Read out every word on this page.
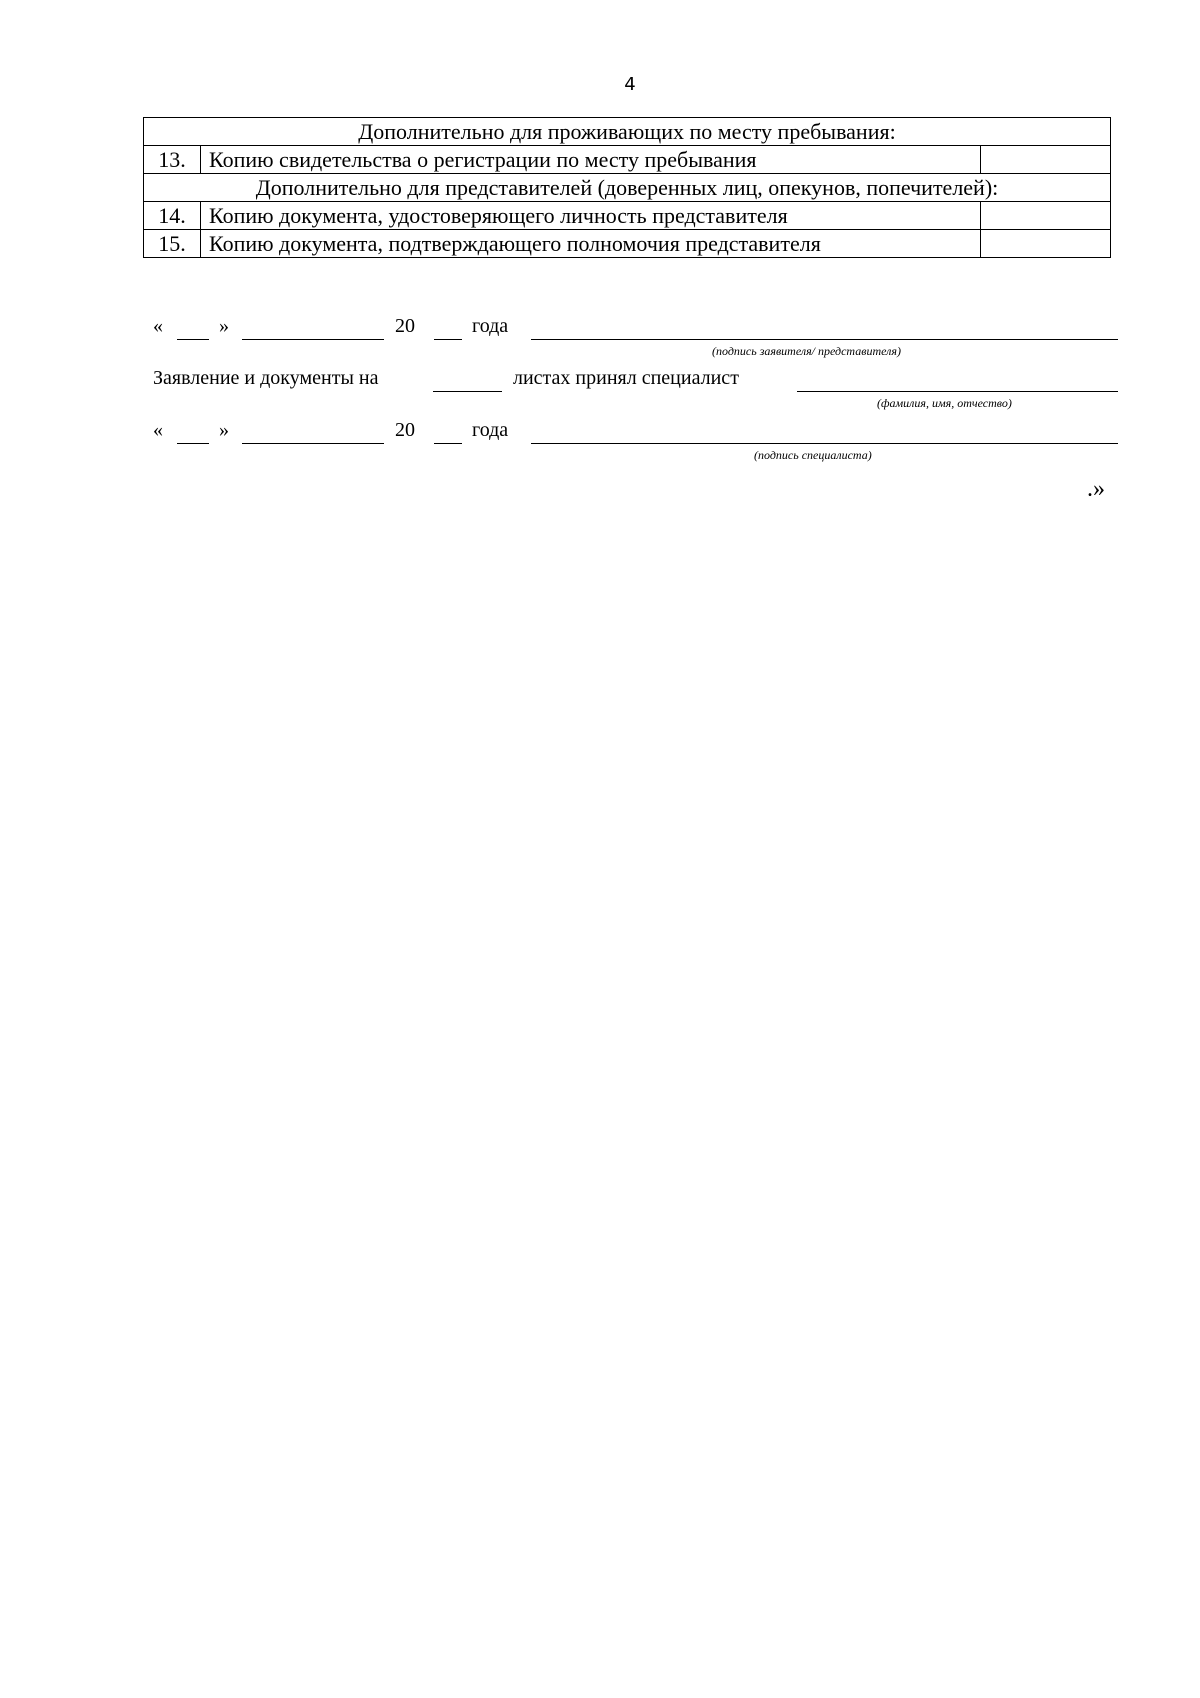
4
Дополнительно для проживающих по месту пребывания:		
13.	Копию свидетельства о регистрации по месту пребывания	
Дополнительно для представителей (доверенных лиц, опекунов, попечителей):		
14.	Копию документа, удостоверяющего личность представителя	
15.	Копию документа, подтверждающего полномочия представителя	
«	»	20	года
(подпись заявителя/ представителя)
Заявление и документы на	листах принял специалист
(фамилия, имя, отчество)
«	»	20	года
(подпись специалиста)
.»
